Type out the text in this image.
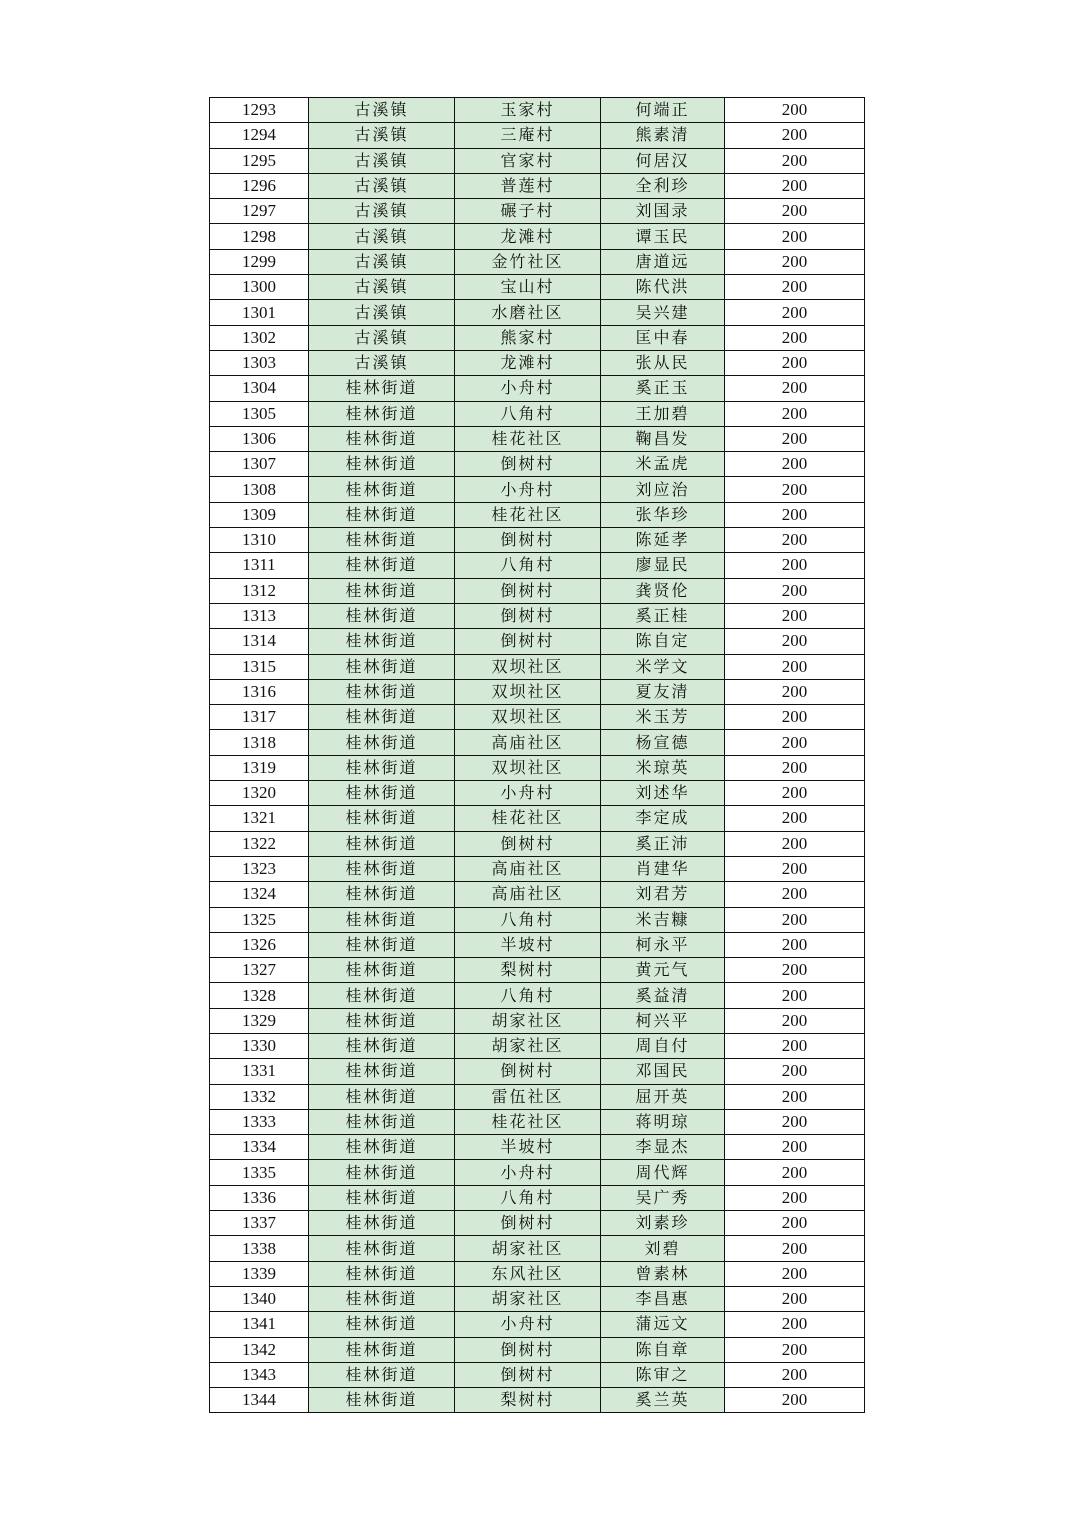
1293	古溪镇	玉家村	何端正	200
1294	古溪镇	三庵村	熊素清	200
1295	古溪镇	官家村	何居汉	200
1296	古溪镇	普莲村	全利珍	200
1297	古溪镇	碾子村	刘国录	200
1298	古溪镇	龙滩村	谭玉民	200
1299	古溪镇	金竹社区	唐道远	200
1300	古溪镇	宝山村	陈代洪	200
1301	古溪镇	水磨社区	吴兴建	200
1302	古溪镇	熊家村	匡中春	200
1303	古溪镇	龙滩村	张从民	200
1304	桂林街道	小舟村	奚正玉	200
1305	桂林街道	八角村	王加碧	200
1306	桂林街道	桂花社区	鞠昌发	200
1307	桂林街道	倒树村	米孟虎	200
1308	桂林街道	小舟村	刘应治	200
1309	桂林街道	桂花社区	张华珍	200
1310	桂林街道	倒树村	陈延孝	200
1311	桂林街道	八角村	廖显民	200
1312	桂林街道	倒树村	龚贤伦	200
1313	桂林街道	倒树村	奚正桂	200
1314	桂林街道	倒树村	陈自定	200
1315	桂林街道	双坝社区	米学文	200
1316	桂林街道	双坝社区	夏友清	200
1317	桂林街道	双坝社区	米玉芳	200
1318	桂林街道	高庙社区	杨宣德	200
1319	桂林街道	双坝社区	米琼英	200
1320	桂林街道	小舟村	刘述华	200
1321	桂林街道	桂花社区	李定成	200
1322	桂林街道	倒树村	奚正沛	200
1323	桂林街道	高庙社区	肖建华	200
1324	桂林街道	高庙社区	刘君芳	200
1325	桂林街道	八角村	米吉糠	200
1326	桂林街道	半坡村	柯永平	200
1327	桂林街道	梨树村	黄元气	200
1328	桂林街道	八角村	奚益清	200
1329	桂林街道	胡家社区	柯兴平	200
1330	桂林街道	胡家社区	周自付	200
1331	桂林街道	倒树村	邓国民	200
1332	桂林街道	雷伍社区	屈开英	200
1333	桂林街道	桂花社区	蒋明琼	200
1334	桂林街道	半坡村	李显杰	200
1335	桂林街道	小舟村	周代辉	200
1336	桂林街道	八角村	吴广秀	200
1337	桂林街道	倒树村	刘素珍	200
1338	桂林街道	胡家社区	刘碧	200
1339	桂林街道	东风社区	曾素林	200
1340	桂林街道	胡家社区	李昌惠	200
1341	桂林街道	小舟村	蒲远文	200
1342	桂林街道	倒树村	陈自章	200
1343	桂林街道	倒树村	陈审之	200
1344	桂林街道	梨树村	奚兰英	200
